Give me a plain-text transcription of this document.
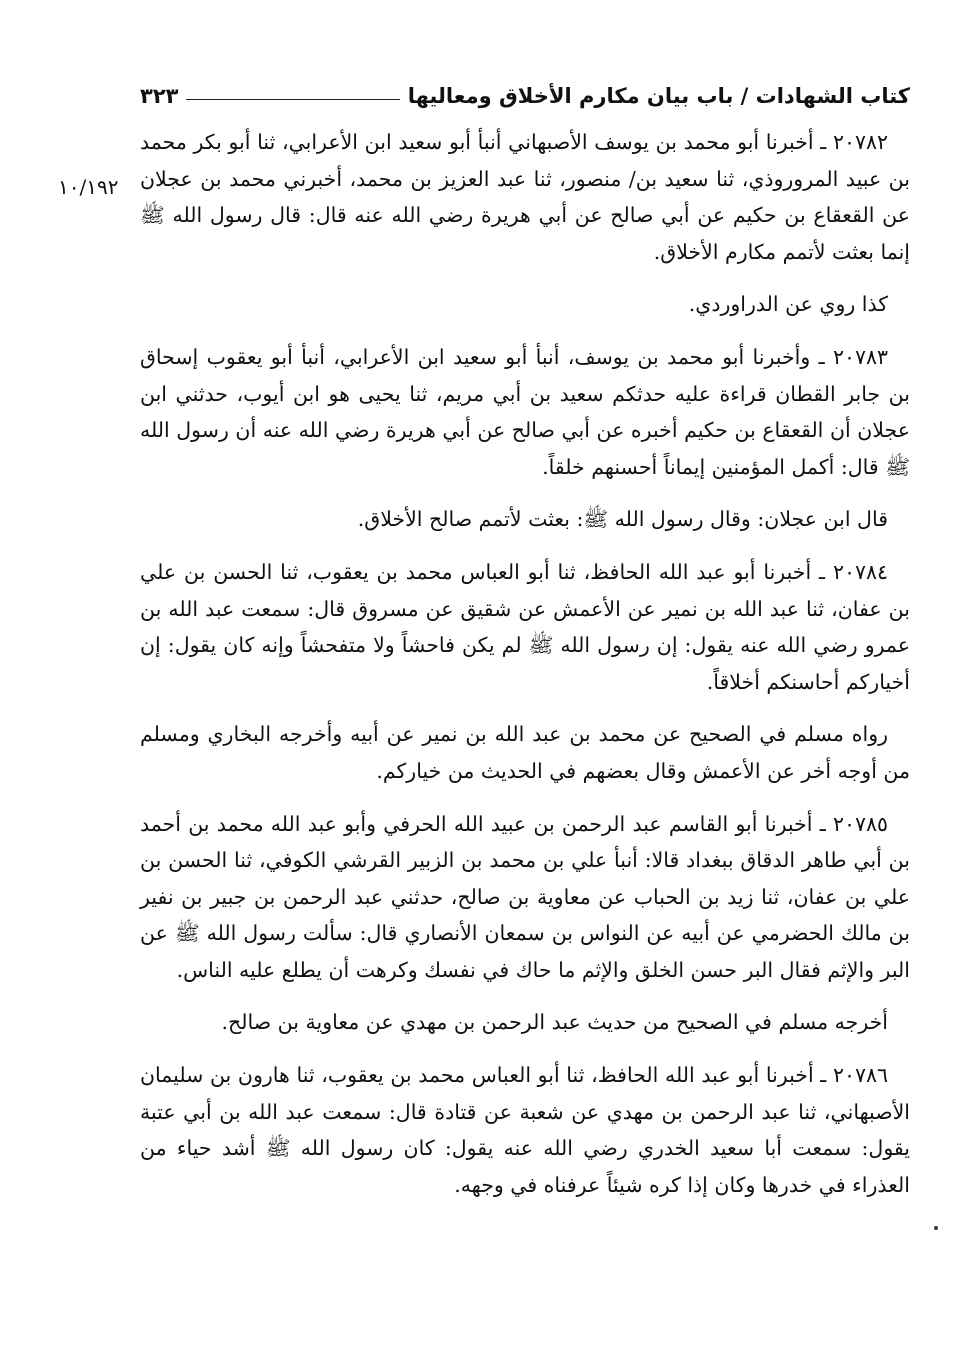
كتاب الشهادات / باب بيان مكارم الأخلاق ومعاليها
٣٢٣
١٠/١٩٢

٢٠٧٨٢ ـ أخبرنا أبو محمد بن يوسف الأصبهاني أنبأ أبو سعيد ابن الأعرابي، ثنا أبو بكر محمد بن عبيد المروروذي، ثنا سعيد بن/ منصور، ثنا عبد العزيز بن محمد، أخبرني محمد بن عجلان عن القعقاع بن حكيم عن أبي صالح عن أبي هريرة رضي الله عنه قال: قال رسول الله ﷺ إنما بعثت لأتمم مكارم الأخلاق.

كذا روي عن الدراوردي.

٢٠٧٨٣ ـ وأخبرنا أبو محمد بن يوسف، أنبأ أبو سعيد ابن الأعرابي، أنبأ أبو يعقوب إسحاق بن جابر القطان قراءة عليه حدثكم سعيد بن أبي مريم، ثنا يحيى هو ابن أيوب، حدثني ابن عجلان أن القعقاع بن حكيم أخبره عن أبي صالح عن أبي هريرة رضي الله عنه أن رسول الله ﷺ قال: أكمل المؤمنين إيماناً أحسنهم خلقاً.

قال ابن عجلان: وقال رسول الله ﷺ: بعثت لأتمم صالح الأخلاق.

٢٠٧٨٤ ـ أخبرنا أبو عبد الله الحافظ، ثنا أبو العباس محمد بن يعقوب، ثنا الحسن بن علي بن عفان، ثنا عبد الله بن نمير عن الأعمش عن شقيق عن مسروق قال: سمعت عبد الله بن عمرو رضي الله عنه يقول: إن رسول الله ﷺ لم يكن فاحشاً ولا متفحشاً وإنه كان يقول: إن أخياركم أحاسنكم أخلاقاً.

رواه مسلم في الصحيح عن محمد بن عبد الله بن نمير عن أبيه وأخرجه البخاري ومسلم من أوجه أخر عن الأعمش وقال بعضهم في الحديث من خياركم.

٢٠٧٨٥ ـ أخبرنا أبو القاسم عبد الرحمن بن عبيد الله الحرفي وأبو عبد الله محمد بن أحمد بن أبي طاهر الدقاق ببغداد قالا: أنبأ علي بن محمد بن الزبير القرشي الكوفي، ثنا الحسن بن علي بن عفان، ثنا زيد بن الحباب عن معاوية بن صالح، حدثني عبد الرحمن بن جبير بن نفير بن مالك الحضرمي عن أبيه عن النواس بن سمعان الأنصاري قال: سألت رسول الله ﷺ عن البر والإثم فقال البر حسن الخلق والإثم ما حاك في نفسك وكرهت أن يطلع عليه الناس.

أخرجه مسلم في الصحيح من حديث عبد الرحمن بن مهدي عن معاوية بن صالح.

٢٠٧٨٦ ـ أخبرنا أبو عبد الله الحافظ، ثنا أبو العباس محمد بن يعقوب، ثنا هارون بن سليمان الأصبهاني، ثنا عبد الرحمن بن مهدي عن شعبة عن قتادة قال: سمعت عبد الله بن أبي عتبة يقول: سمعت أبا سعيد الخدري رضي الله عنه يقول: كان رسول الله ﷺ أشد حياء من العذراء في خدرها وكان إذا كره شيئاً عرفناه في وجهه.
